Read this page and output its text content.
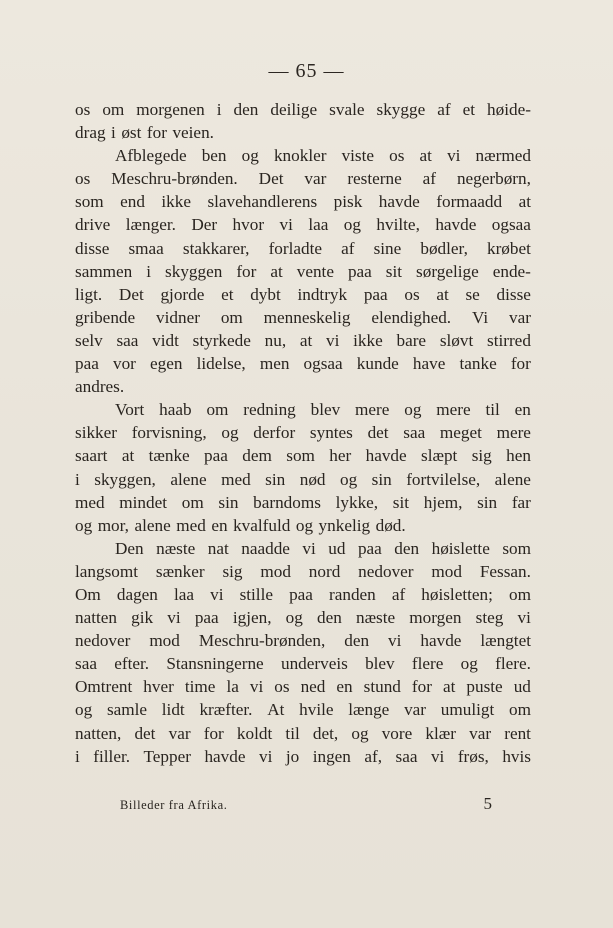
— 65 —
os om morgenen i den deilige svale skygge af et høide-
drag i øst for veien.
Afblegede ben og knokler viste os at vi nærmed
os Meschru-brønden. Det var resterne af negerbørn,
som end ikke slavehandlerens pisk havde formaadd at
drive længer. Der hvor vi laa og hvilte, havde ogsaa
disse smaa stakkarer, forladte af sine bødler, krøbet
sammen i skyggen for at vente paa sit sørgelige ende-
ligt. Det gjorde et dybt indtryk paa os at se disse
gribende vidner om menneskelig elendighed. Vi var
selv saa vidt styrkede nu, at vi ikke bare sløvt stirred
paa vor egen lidelse, men ogsaa kunde have tanke for
andres.
Vort haab om redning blev mere og mere til en
sikker forvisning, og derfor syntes det saa meget mere
saart at tænke paa dem som her havde slæpt sig hen
i skyggen, alene med sin nød og sin fortvilelse, alene
med mindet om sin barndoms lykke, sit hjem, sin far
og mor, alene med en kvalfuld og ynkelig død.
Den næste nat naadde vi ud paa den høislette som
langsomt sænker sig mod nord nedover mod Fessan.
Om dagen laa vi stille paa randen af høisletten; om
natten gik vi paa igjen, og den næste morgen steg vi
nedover mod Meschru-brønden, den vi havde længtet
saa efter. Stansningerne underveis blev flere og flere.
Omtrent hver time la vi os ned en stund for at puste ud
og samle lidt kræfter. At hvile længe var umuligt om
natten, det var for koldt til det, og vore klær var rent
i filler. Tepper havde vi jo ingen af, saa vi frøs, hvis
Billeder fra Afrika.	5
